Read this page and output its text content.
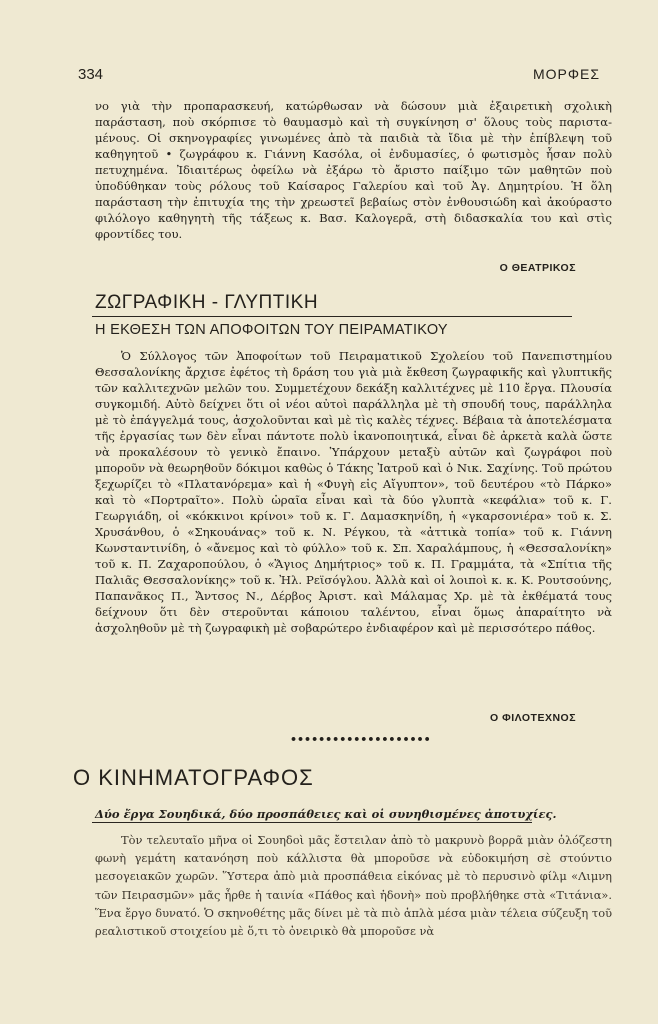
334	ΜΟΡΦΕΣ

νο γιὰ τὴν προπαρασκευή, κατώρθωσαν νὰ δώσουν μιὰ ἐξαιρετικὴ σχολικὴ παράσταση, ποὺ σκόρπισε τὸ θαυμασμὸ καὶ τὴ συγκίνηση σ' ὅλους τοὺς παρισταμένους. Οἱ σκηνογραφίες γινωμένες ἀπὸ τὰ παιδιὰ τὰ ἴδια μὲ τὴν ἐπίβλεψη τοῦ καθηγητοῦ • ζωγράφου κ. Γιάννη Κασόλα, οἱ ἐνδυμασίες, ὁ φωτισμὸς ἦσαν πολὺ πετυχημένα. Ἰδιαιτέρως ὀφείλω νὰ ἐξάρω τὸ ἄριστο παίξιμο τῶν μαθητῶν ποὺ ὑποδύθηκαν τοὺς ρόλους τοῦ Καίσαρος Γαλερίου καὶ τοῦ Ἀγ. Δημητρίου. Ἡ ὅλη παράσταση τὴν ἐπιτυχία της τὴν χρεωστεῖ βεβαίως στὸν ἐνθουσιώδη καὶ ἀκούραστο φιλόλογο καθηγητὴ τῆς τάξεως κ. Βασ. Καλογερᾶ, στὴ διδασκαλία του καὶ στὶς φροντίδες του.

Ο ΘΕΑΤΡΙΚΟΣ
ΖΩΓΡΑΦΙΚΗ - ΓΛΥΠΤΙΚΗ
Η ΕΚΘΕΣΗ ΤΩΝ ΑΠΟΦΟΙΤΩΝ ΤΟΥ ΠΕΙΡΑΜΑΤΙΚΟΥ

Ὁ Σύλλογος τῶν Ἀποφοίτων τοῦ Πειραματικοῦ Σχολείου τοῦ Πανεπιστημίου Θεσσαλονίκης ἄρχισε ἐφέτος τὴ δράση του γιὰ μιὰ ἔκθεση ζωγραφικῆς καὶ γλυπτικῆς τῶν καλλιτεχνῶν μελῶν του. Συμμετέχουν δεκάξη καλλιτέχνες μὲ 110 ἔργα. Πλουσία συγκομιδή. Αὐτὸ δείχνει ὅτι οἱ νέοι αὐτοὶ παράλληλα μὲ τὴ σπουδή τους, παράλληλα μὲ τὸ ἐπάγγελμά τους, ἀσχολοῦνται καὶ μὲ τὶς καλὲς τέχνες. Βέβαια τὰ ἀποτελέσματα τῆς ἐργασίας των δὲν εἶναι πάντοτε πολὺ ἱκανοποιητικά, εἶναι δὲ ἀρκετὰ καλὰ ὥστε νὰ προκαλέσουν τὸ γενικὸ ἔπαινο. Ὑπάρχουν μεταξὺ αὐτῶν καὶ ζωγράφοι ποὺ μποροῦν νὰ θεωρηθοῦν δόκιμοι καθὼς ὁ Τάκης Ἰατροῦ καὶ ὁ Νικ. Σαχίνης. Τοῦ πρώτου ξεχωρίζει τὸ «Πλατανόρεμα» καὶ ἡ «Φυγὴ εἰς Αἴγυπτον», τοῦ δευτέρου «τὸ Πάρκο» καὶ τὸ «Πορτραῖτο». Πολὺ ὡραῖα εἶναι καὶ τὰ δύο γλυπτὰ «κεφάλια» τοῦ κ. Γ. Γεωργιάδη, οἱ «κόκκινοι κρίνοι» τοῦ κ. Γ. Δαμασκηνίδη, ἡ «γκαρσονιέρα» τοῦ κ. Σ. Χρυσάνθου, ὁ «Σηκουάνας» τοῦ κ. Ν. Ρέγκου, τὰ «ἀττικὰ τοπία» τοῦ κ. Γιάννη Κωνσταντινίδη, ὁ «ἄνεμος καὶ τὸ φύλλο» τοῦ κ. Σπ. Χαραλάμπους, ἡ «Θεσσαλονίκη» τοῦ κ. Π. Ζαχαροπούλου, ὁ «Ἅγιος Δημήτριος» τοῦ κ. Π. Γραμμάτα, τὰ «Σπίτια τῆς Παλιᾶς Θεσσαλονίκης» τοῦ κ. Ἠλ. Ρεϊσόγλου. Ἀλλὰ καὶ οἱ λοιποὶ κ. κ. Κ. Ρουτσούνης, Παπανᾶκος Π., Ἄντσος Ν., Δέρβος Ἀριστ. καὶ Μάλαμας Χρ. μὲ τὰ ἐκθέματά τους δείχνουν ὅτι δὲν στεροῦνται κάποιου ταλέντου, εἶναι ὅμως ἀπαραίτητο νὰ ἀσχοληθοῦν μὲ τὴ ζωγραφικὴ μὲ σοβαρώτερο ἐνδιαφέρον καὶ μὲ περισσότερο πάθος.

Ο ΦΙΛΟΤΕΧΝΟΣ
••••••••••••••••••••
Ο ΚΙΝΗΜΑΤΟΓΡΑΦΟΣ
Δύο ἔργα Σουηδικά, δύο προσπάθειες καὶ οἱ συνηθισμένες ἀποτυχίες.

Τὸν τελευταῖο μῆνα οἱ Σουηδοὶ μᾶς ἔστειλαν ἀπὸ τὸ μακρυνὸ βορρᾶ μιὰν ὁλόζεστη φωνὴ γεμάτη κατανόηση ποὺ κάλλιστα θὰ μποροῦσε νὰ εὐδοκιμήση σὲ στούντιο μεσογειακῶν χωρῶν. Ὕστερα ἀπὸ μιὰ προσπάθεια εἰκόνας μὲ τὸ περυσινὸ φίλμ «Λιμνη τῶν Πειρασμῶν» μᾶς ἦρθε ἡ ταινία «Πάθος καὶ ἡδονὴ» ποὺ προβλήθηκε στὰ «Τιτάνια». Ἕνα ἔργο δυνατό. Ὁ σκηνοθέτης μᾶς δίνει μὲ τὰ πιὸ ἁπλὰ μέσα μιὰν τέλεια σύζευξη τοῦ ρεαλιστικοῦ στοιχείου μὲ ὅ,τι τὸ ὀνειρικὸ θὰ μποροῦσε νὰ
